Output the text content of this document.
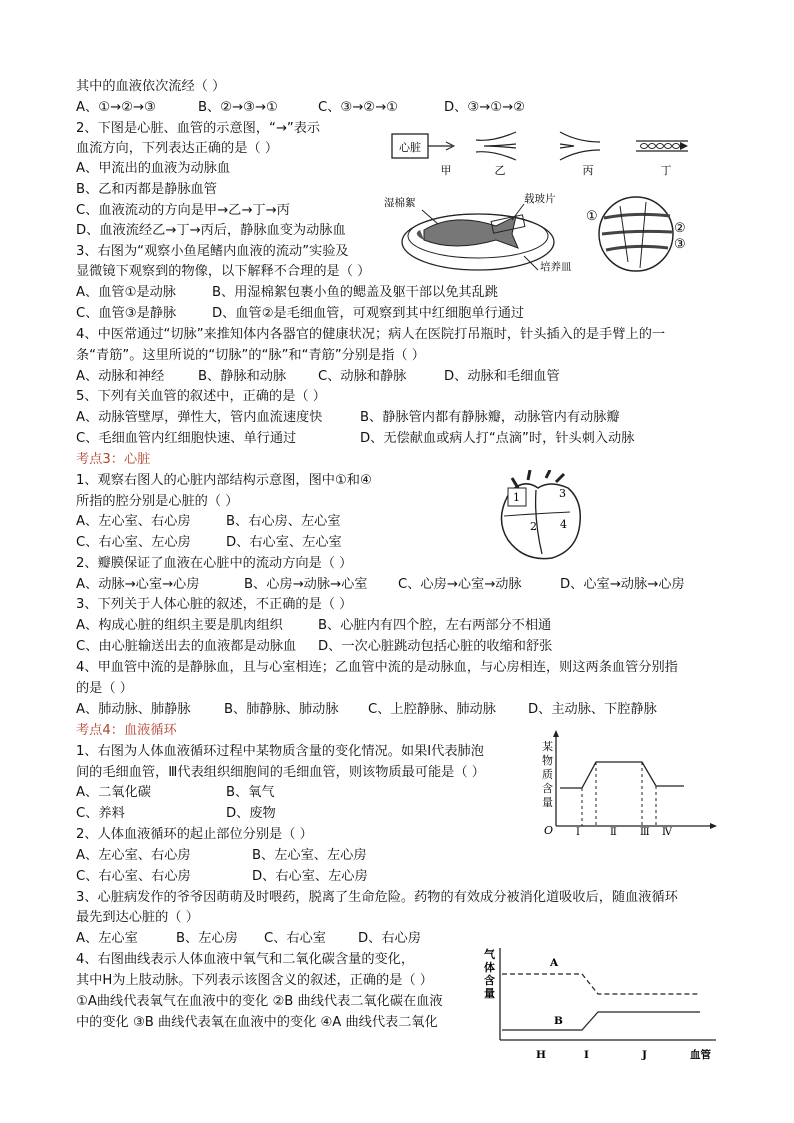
其中的血液依次流经（ ）
A、①→②→③	B、②→③→①	C、③→②→①	D、③→①→②
2、下图是心脏、血管的示意图，“→”表示
血流方向，下列表达正确的是（ ）
A、甲流出的血液为动脉血
B、乙和丙都是静脉血管
C、血液流动的方向是甲→乙→丁→丙
D、血液流经乙→丁→丙后，静脉血变为动脉血
3、右图为“观察小鱼尾鳍内血液的流动”实验及
显微镜下观察到的物像，以下解释不合理的是（ ）
A、血管①是动脉	B、用湿棉絮包裹小鱼的鳃盖及躯干部以免其乱跳
C、血管③是静脉	D、血管②是毛细血管，可观察到其中红细胞单行通过
4、中医常通过“切脉”来推知体内各器官的健康状况；病人在医院打吊瓶时，针头插入的是手臂上的一
条“青筋”。这里所说的“切脉”的“脉”和“青筋”分别是指（ ）
A、动脉和神经	B、静脉和动脉 C、动脉和静脉	D、动脉和毛细血管
5、下列有关血管的叙述中，正确的是（ ）
A、动脉管壁厚，弹性大，管内血流速度快	B、静脉管内都有静脉瓣，动脉管内有动脉瓣
C、毛细血管内红细胞快速、单行通过	D、无偿献血或病人打“点滴”时，针头刺入动脉
考点3：心脏
1、观察右图人的心脏内部结构示意图，图中①和④
所指的腔分别是心脏的（ ）
A、左心室、右心房	B、右心房、左心室
C、右心室、左心房	D、右心室、左心室
2、瓣膜保证了血液在心脏中的流动方向是（ ）
A、动脉→心室→心房	B、心房→动脉→心室 C、心房→心室→动脉	D、心室→动脉→心房
3、下列关于人体心脏的叙述，不正确的是（ ）
A、构成心脏的组织主要是肌肉组织	B、心脏内有四个腔，左右两部分不相通
C、由心脏输送出去的血液都是动脉血 D、一次心脏跳动包括心脏的收缩和舒张
4、甲血管中流的是静脉血，且与心室相连；乙血管中流的是动脉血，与心房相连，则这两条血管分别指
的是（ ）
A、肺动脉、肺静脉	B、肺静脉、肺动脉 C、上腔静脉、肺动脉 D、主动脉、下腔静脉
考点4：血液循环
1、右图为人体血液循环过程中某物质含量的变化情况。如果Ⅰ代表肺泡
间的毛细血管，Ⅲ代表组织细胞间的毛细血管，则该物质最可能是（ ）
A、二氧化碳	B、氧气
C、养料	D、废物
2、人体血液循环的起止部位分别是（ ）
A、左心室、右心房	B、左心室、左心房
C、右心室、右心房	D、右心室、左心房
3、心脏病发作的爷爷因萌萌及时喂药，脱离了生命危险。药物的有效成分被消化道吸收后，随血液循环
最先到达心脏的（ ）
A、左心室	B、左心房 C、右心室 D、右心房
4、右图曲线表示人体血液中氧气和二氧化碳含量的变化，
其中H为上肢动脉。下列表示该图含义的叙述，正确的是（ ）
①A曲线代表氧气在血液中的变化 ②B 曲线代表二氧化碳在血液
中的变化 ③B 曲线代表氧在血液中的变化 ④A 曲线代表二氧化
心脏
甲	乙	丙	丁
湿棉絮	载玻片
培养皿
①
②
③
1	3
2 4
某
物
质
含
量
O Ⅰ	Ⅱ Ⅲ Ⅳ
气
体
含
量
A
B
H	I	J	血管
